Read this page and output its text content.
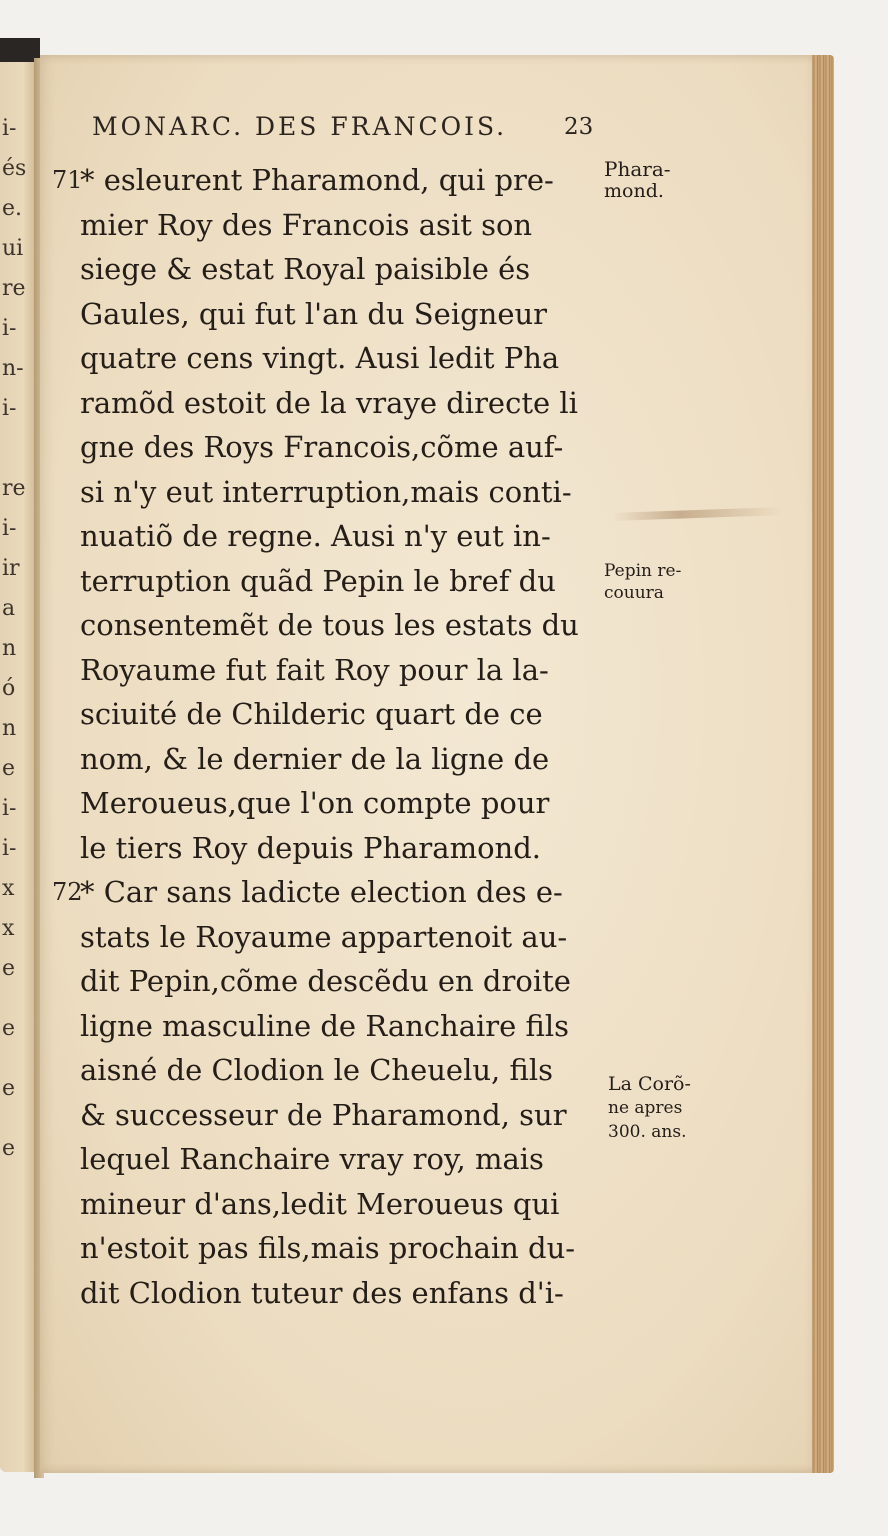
i-
és
e.
ui
re
i-
n-
i-
re
i-
ir
a
n
ó
n
e
i-
i-
x
x
e
e
e
e
MONARC. DES FRANCOIS.	23
71
* esleurent Pharamond, qui pre-
mier Roy des Francois asit son
siege & estat Royal paisible és
Gaules, qui fut l'an du Seigneur
quatre cens vingt. Ausi ledit Pha
ramõd estoit de la vraye directe li
gne des Roys Francois,cõme auf-
si n'y eut interruption,mais conti-
nuatiõ de regne. Ausi n'y eut in-
terruption quãd Pepin le bref du
consentemẽt de tous les estats du
Royaume fut fait Roy pour la la-
sciuité de Childeric quart de ce
nom, & le dernier de la ligne de
Meroueus,que l'on compte pour
le tiers Roy depuis Pharamond.
72
* Car sans ladicte election des e-
stats le Royaume appartenoit au-
dit Pepin,cõme descẽdu en droite
ligne masculine de Ranchaire fils
aisné de Clodion le Cheuelu, fils
& successeur de Pharamond, sur
lequel Ranchaire vray roy, mais
mineur d'ans,ledit Meroueus qui
n'estoit pas fils,mais prochain du-
dit Clodion tuteur des enfans d'i-
Phara-
mond.
Pepin re-
couura
La Corõ-
ne apres
300. ans.
